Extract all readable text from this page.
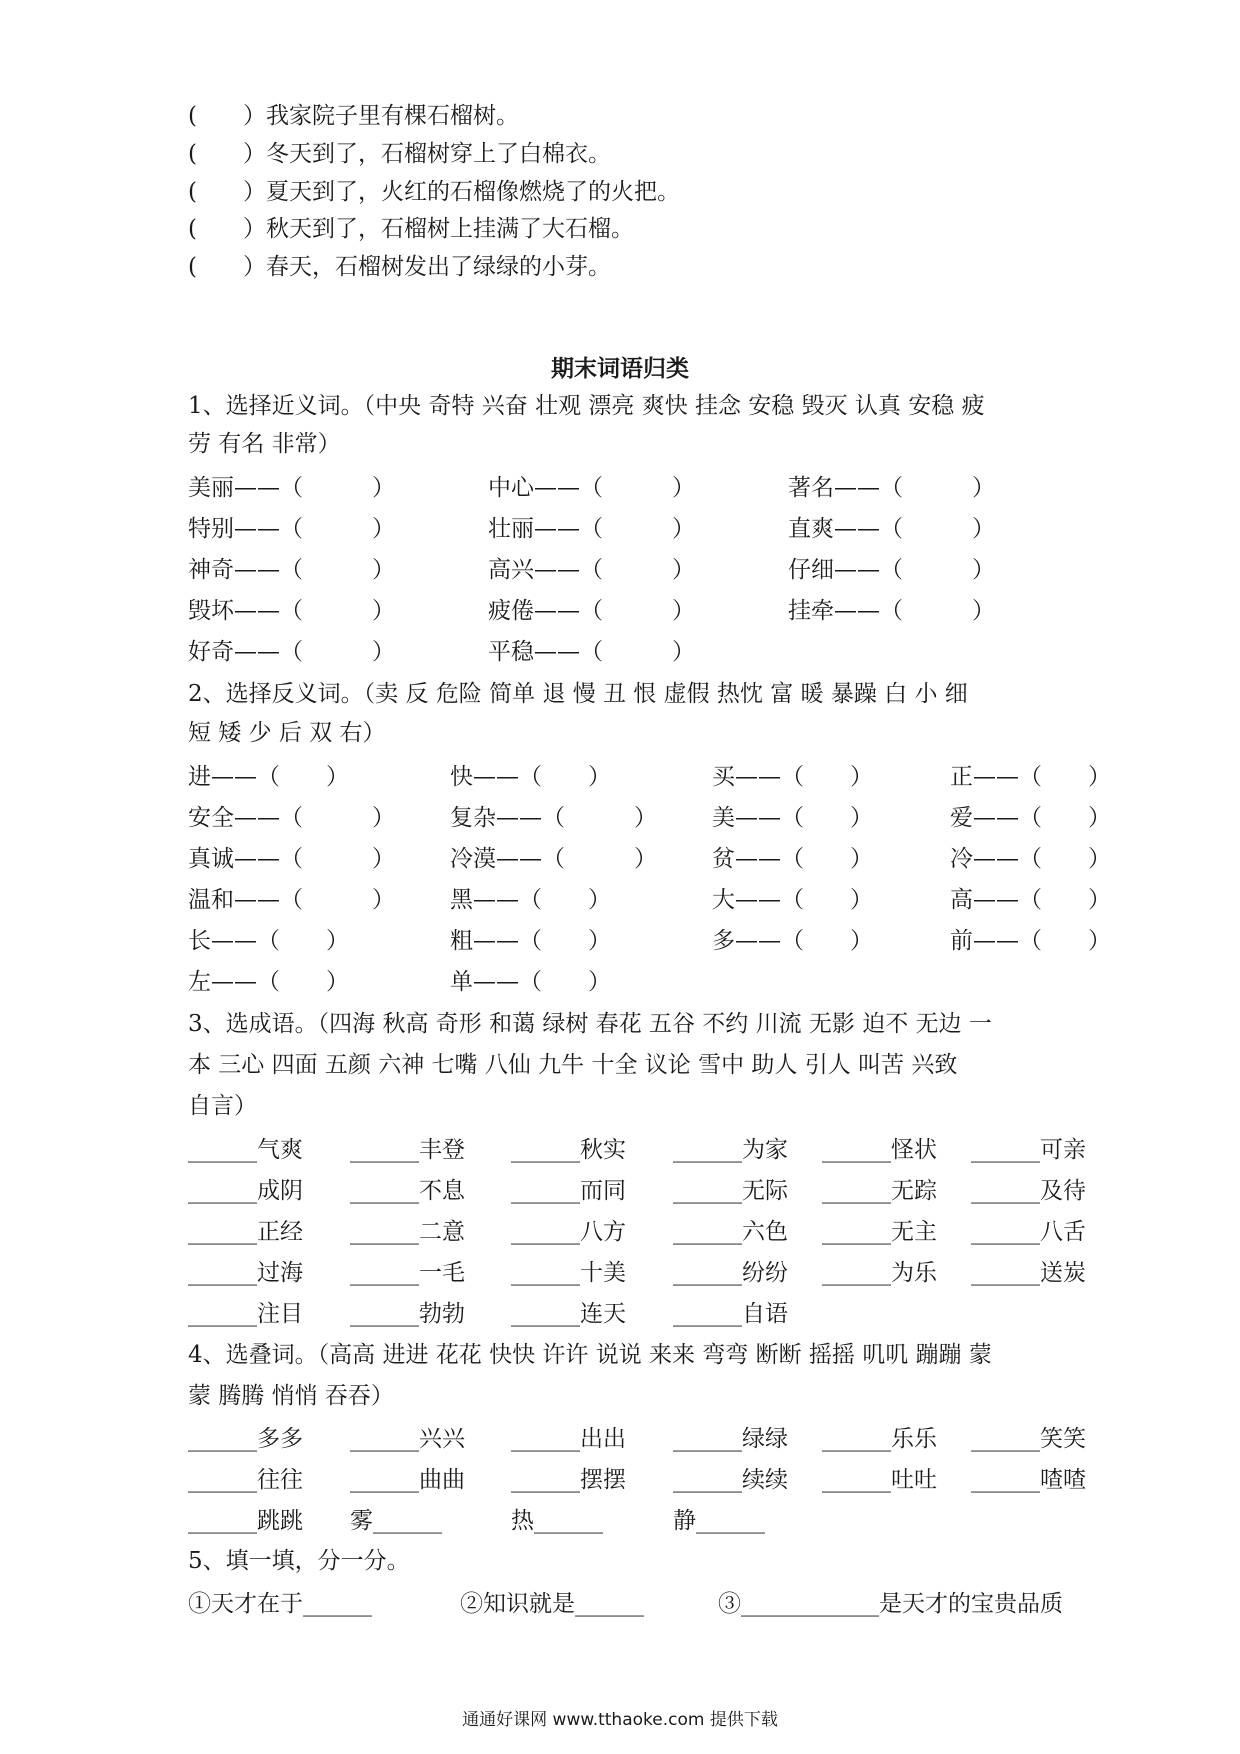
(　　）我家院子里有棵石榴树。
(　　）冬天到了，石榴树穿上了白棉衣。
(　　）夏天到了，火红的石榴像燃烧了的火把。
(　　）秋天到了，石榴树上挂满了大石榴。
(　　）春天，石榴树发出了绿绿的小芽。
期末词语归类
1、选择近义词。（中央 奇特 兴奋 壮观 漂亮 爽快 挂念 安稳 毁灭 认真 安稳 疲
劳 有名 非常）
美丽——（　　　）	中心——（　　　）	著名——（　　　）
特别——（　　　）	壮丽——（　　　）	直爽——（　　　）
神奇——（　　　）	高兴——（　　　）	仔细——（　　　）
毁坏——（　　　）	疲倦——（　　　）	挂牵——（　　　）
好奇——（　　　）	平稳——（　　　）
2、选择反义词。（卖 反 危险 简单 退 慢 丑 恨 虚假 热忱 富 暖 暴躁 白 小 细
短 矮 少 后 双 右）
进——（　　）	快——（　　）	买——（　　）	正——（　　）
安全——（　　　） 复杂——（　　　） 美——（　　）	爱——（　　）
真诚——（　　　） 冷漠——（　　　） 贫——（　　）	冷——（　　）
温和——（　　　） 黑——（　　）	大——（　　）	高——（　　）
长——（　　）	粗——（　　）	多——（　　）	前——（　　）
左——（　　）	单——（　　）
3、选成语。（四海 秋高 奇形 和蔼 绿树 春花 五谷 不约 川流 无影 迫不 无边 一
本 三心 四面 五颜 六神 七嘴 八仙 九牛 十全 议论 雪中 助人 引人 叫苦 兴致
自言）
______气爽 ______丰登 ______秋实 ______为家 ______怪状 ______可亲
______成阴 ______不息 ______而同 ______无际 ______无踪 ______及待
______正经 ______二意 ______八方 ______六色 ______无主 ______八舌
______过海 ______一毛 ______十美 ______纷纷 ______为乐 ______送炭
______注目 ______勃勃 ______连天 ______自语
4、选叠词。（高高 进进 花花 快快 许许 说说 来来 弯弯 断断 摇摇 叽叽 蹦蹦 蒙
蒙 腾腾 悄悄 吞吞）
______多多 ______兴兴 ______出出 ______绿绿 ______乐乐 ______笑笑
______往往 ______曲曲 ______摆摆 ______续续 ______吐吐 ______喳喳
______跳跳 雾______	热______	静______
5、填一填，分一分。
①天才在于______	②知识就是______	③____________是天才的宝贵品质
通通好课网 www.tthaoke.com 提供下载
